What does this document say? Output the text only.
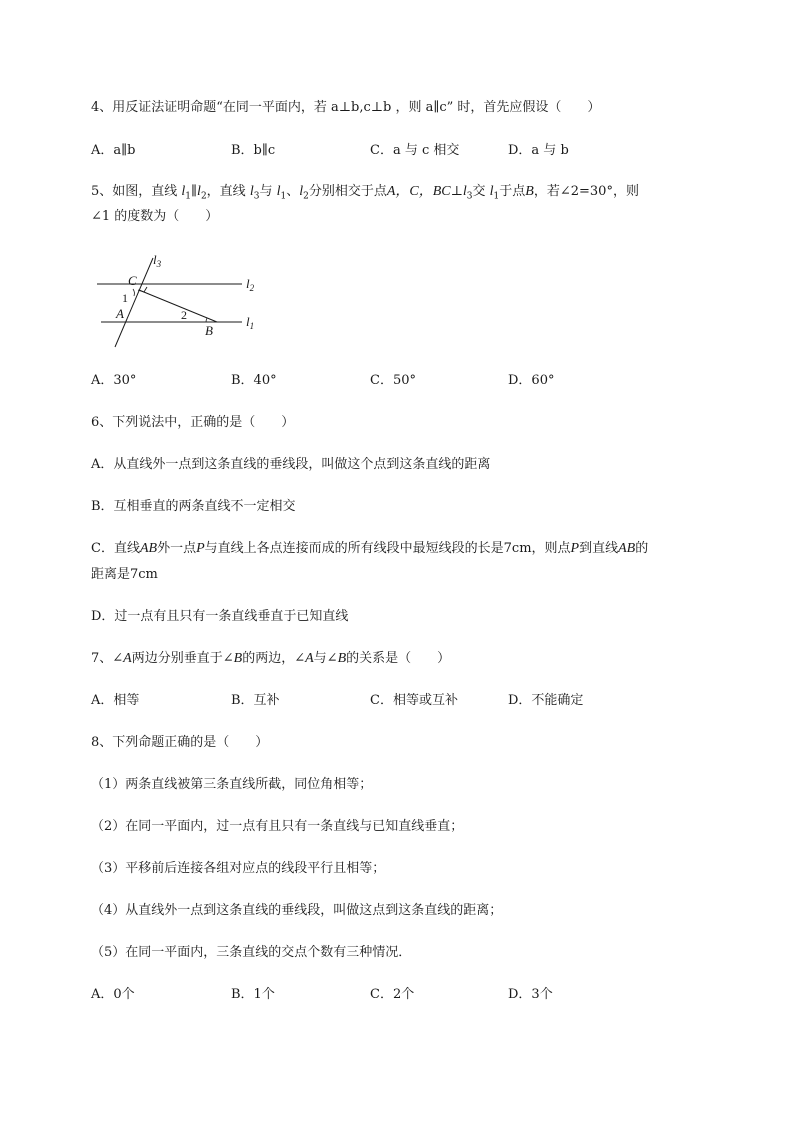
4、用反证法证明命题“在同一平面内，若 a⊥b,c⊥b ，则 a∥c” 时，首先应假设（　　）
A．a∥b	B．b∥c	C．a 与 c 相交	D．a 与 b
5、如图，直线 $l_1\parallel l_2$，直线 $l_3$与 $l_1$、$l_2$分别相交于点A，C，$BC\perp l_3$交 $l_1$于点B，若∠2=30°，则
∠1 的度数为（　　）
$l_3$
$l_2$
$l_1$
C
A
B
1
2
A．30°	B．40°	C．50°	D．60°
6、下列说法中，正确的是（　　）
A．从直线外一点到这条直线的垂线段，叫做这个点到这条直线的距离
B．互相垂直的两条直线不一定相交
C．直线AB外一点P与直线上各点连接而成的所有线段中最短线段的长是7cm，则点P到直线AB的
距离是7cm
D．过一点有且只有一条直线垂直于已知直线
7、∠A两边分别垂直于∠B的两边，∠A与∠B的关系是（　　）
A．相等	B．互补	C．相等或互补	D．不能确定
8、下列命题正确的是（　　）
（1）两条直线被第三条直线所截，同位角相等；
（2）在同一平面内，过一点有且只有一条直线与已知直线垂直；
（3）平移前后连接各组对应点的线段平行且相等；
（4）从直线外一点到这条直线的垂线段，叫做这点到这条直线的距离；
（5）在同一平面内，三条直线的交点个数有三种情况．
A．0个	B．1个	C．2个	D．3个
